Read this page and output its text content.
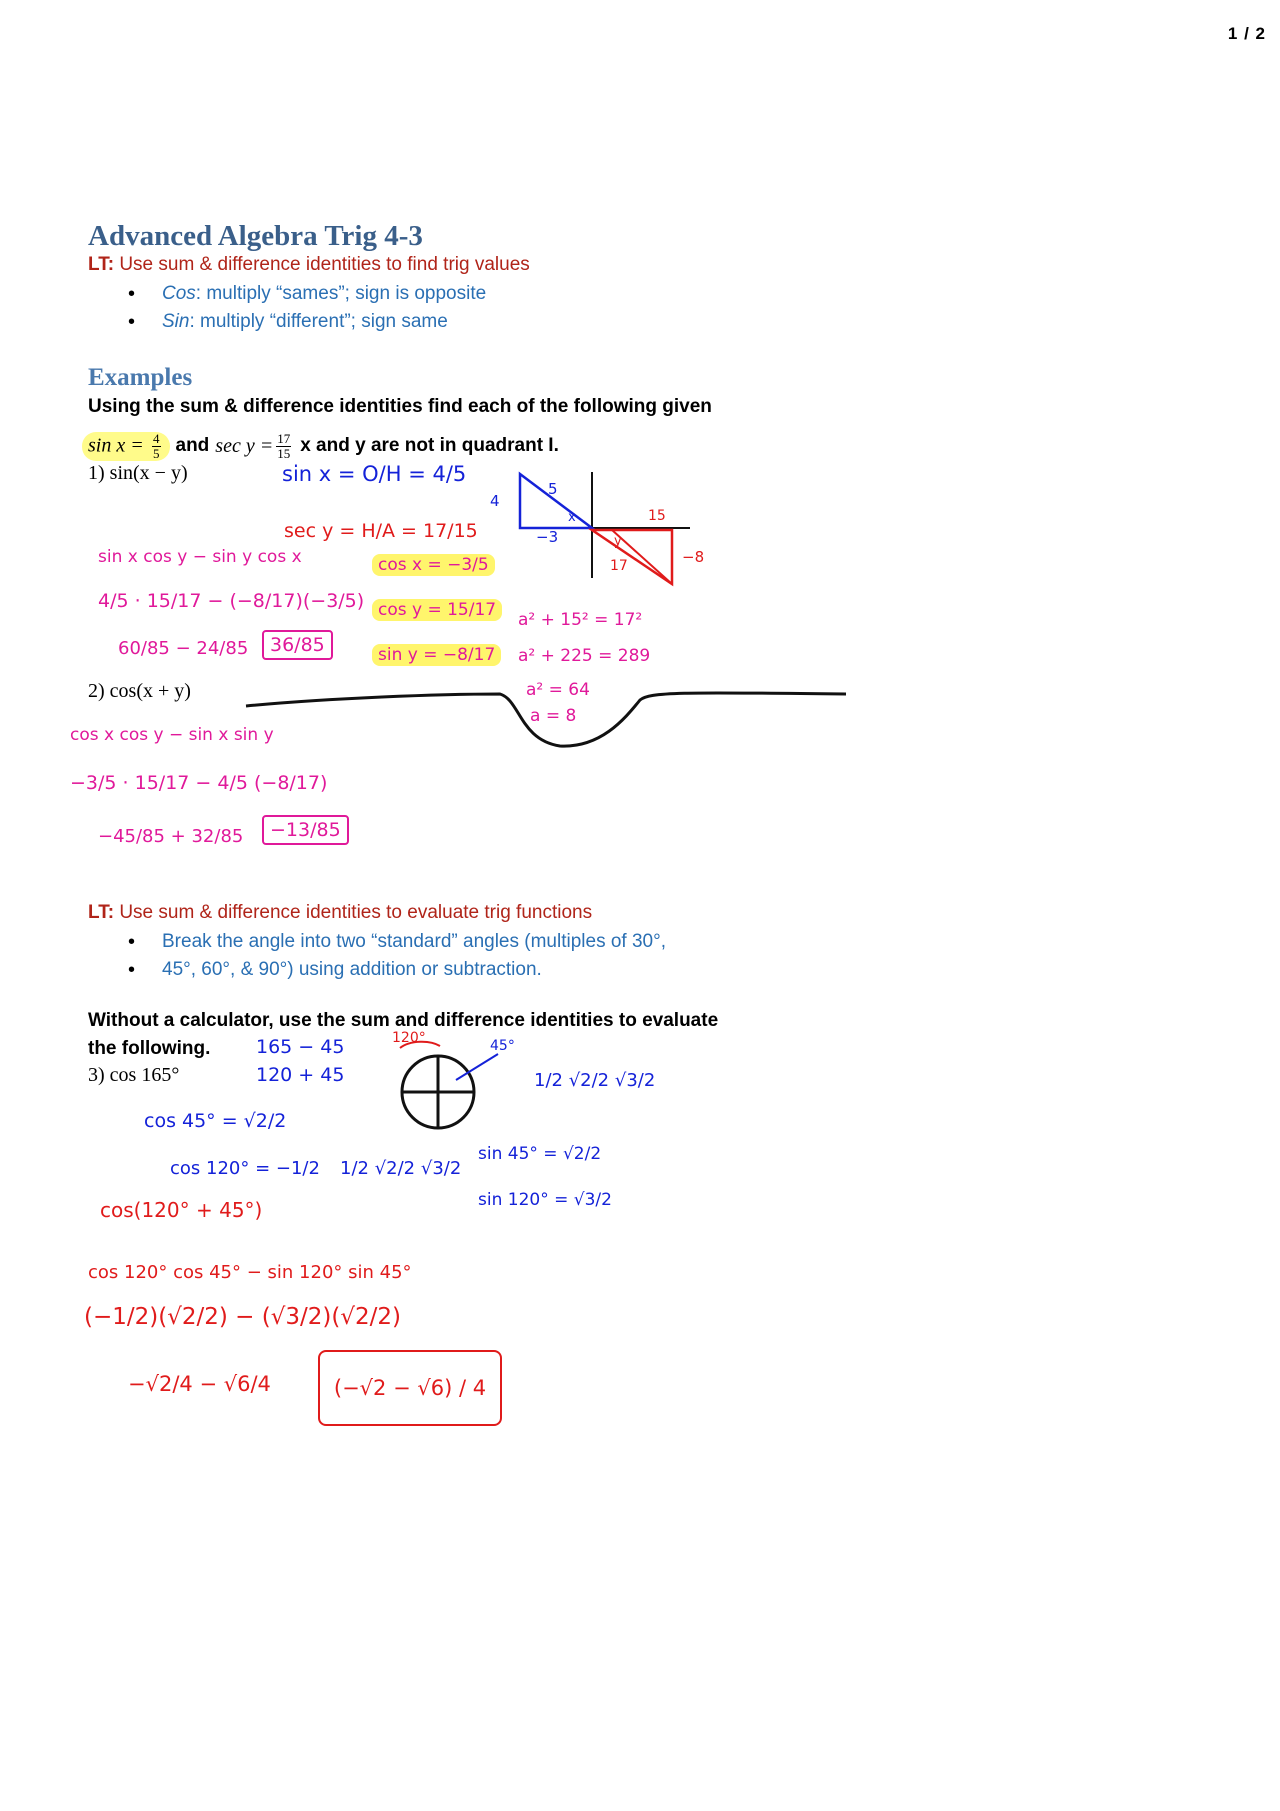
1 / 2
Advanced Algebra Trig 4-3
LT: Use sum & difference identities to find trig values
• Cos: multiply “sames”; sign is opposite
• Sin: multiply “different”; sign same
Examples
Using the sum & difference identities find each of the following given
$\sin x = \frac{4}{5}$ and $\sec y = \frac{17}{15}$ x and y are not in quadrant I.
1) sin(x − y)
2) cos(x + y)
LT: Use sum & difference identities to evaluate trig functions
• Break the angle into two “standard” angles (multiples of 30°,
• 45°, 60°, & 90°) using addition or subtraction.
Without a calculator, use the sum and difference identities to evaluate
the following.
3) cos 165°
sin x = O/H = 4/5
sec y = H/A = 17/15
sin x cos y − sin y cos x
4/5 · 15/17 − (−8/17)(−3/5)
60/85 − 24/85	36/85
cos x = −3/5
cos y = 15/17
sin y = −8/17
a² + 15² = 17²
a² + 225 = 289
a² = 64
a = 8
4
5
x
−3
15
17
y
−8
cos x cos y − sin x sin y
−3/5 · 15/17 − 4/5 (−8/17)
−45/85 + 32/85	−13/85
165 − 45
120 + 45
120°	45°
1/2 √2/2 √3/2
cos 45° = √2/2
cos 120° = −1/2 1/2 √2/2 √3/2
sin 45° = √2/2
sin 120° = √3/2
cos(120° + 45°)
cos 120° cos 45° − sin 120° sin 45°
(−1/2)(√2/2) − (√3/2)(√2/2)
−√2/4 − √6/4	(−√2 − √6) / 4
